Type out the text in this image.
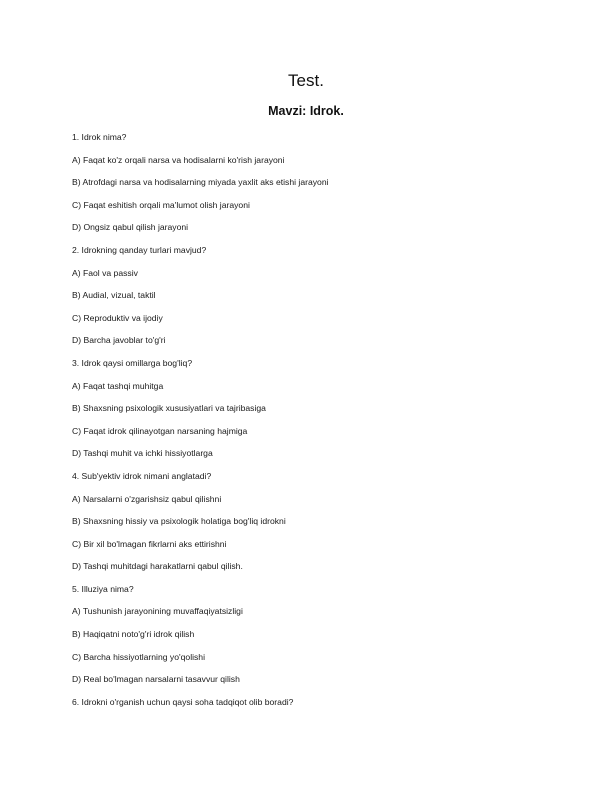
Test.
Mavzi: Idrok.
1. Idrok nima?
A) Faqat ko'z orqali narsa va hodisalarni ko'rish jarayoni
B) Atrofdagi narsa va hodisalarning miyada yaxlit aks etishi jarayoni
C) Faqat eshitish orqali ma'lumot olish jarayoni
D) Ongsiz qabul qilish jarayoni
2. Idrokning qanday turlari mavjud?
A) Faol va passiv
B) Audial, vizual, taktil
C) Reproduktiv va ijodiy
D) Barcha javoblar to'g'ri
3. Idrok qaysi omillarga bog'liq?
A) Faqat tashqi muhitga
B) Shaxsning psixologik xususiyatlari va tajribasiga
C) Faqat idrok qilinayotgan narsaning hajmiga
D) Tashqi muhit va ichki hissiyotlarga
4. Sub'yektiv idrok nimani anglatadi?
A) Narsalarni o'zgarishsiz qabul qilishni
B) Shaxsning hissiy va psixologik holatiga bog'liq idrokni
C) Bir xil bo'lmagan fikrlarni aks ettirishni
D) Tashqi muhitdagi harakatlarni qabul qilish.
5. Illuziya nima?
A) Tushunish jarayonining muvaffaqiyatsizligi
B) Haqiqatni noto'g'ri idrok qilish
C) Barcha hissiyotlarning yo'qolishi
D) Real bo'lmagan narsalarni tasavvur qilish
6. Idrokni o'rganish uchun qaysi soha tadqiqot olib boradi?
